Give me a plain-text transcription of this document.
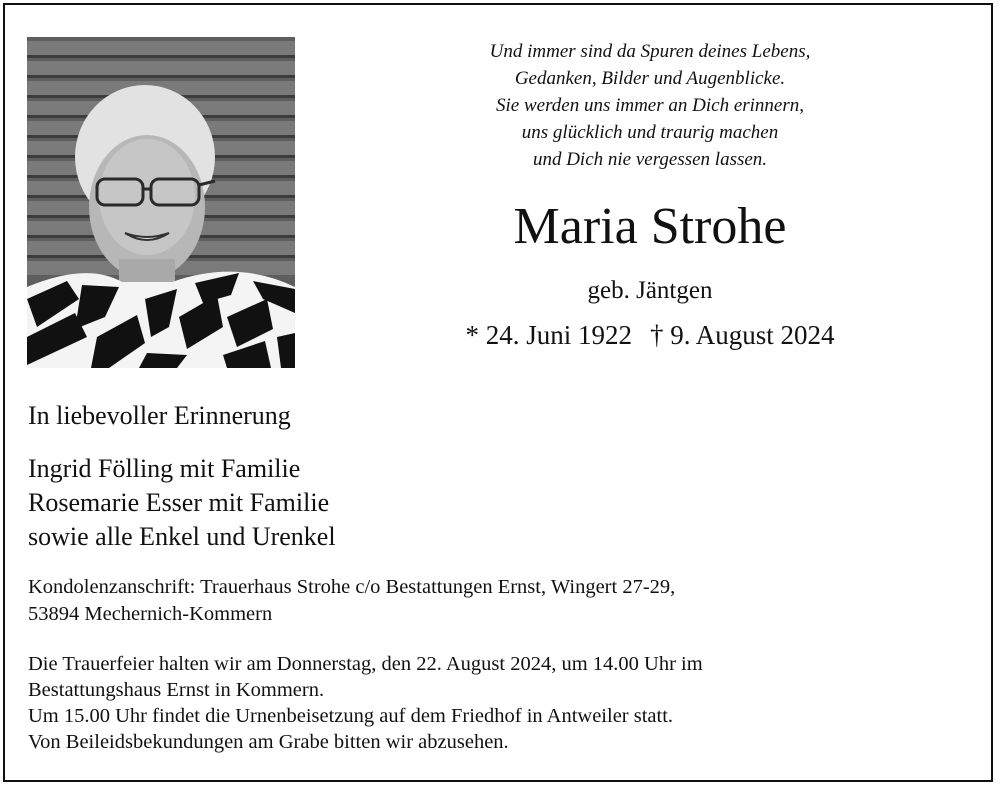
Und immer sind da Spuren deines Lebens,
Gedanken, Bilder und Augenblicke.
Sie werden uns immer an Dich erinnern,
uns glücklich und traurig machen
und Dich nie vergessen lassen.
Maria Strohe
geb. Jäntgen
* 24. Juni 1922 † 9. August 2024
In liebevoller Erinnerung
Ingrid Fölling mit Familie
Rosemarie Esser mit Familie
sowie alle Enkel und Urenkel
Kondolenzanschrift: Trauerhaus Strohe c/o Bestattungen Ernst, Wingert 27-29,
53894 Mechernich-Kommern
Die Trauerfeier halten wir am Donnerstag, den 22. August 2024, um 14.00 Uhr im
Bestattungshaus Ernst in Kommern.
Um 15.00 Uhr findet die Urnenbeisetzung auf dem Friedhof in Antweiler statt.
Von Beileidsbekundungen am Grabe bitten wir abzusehen.
